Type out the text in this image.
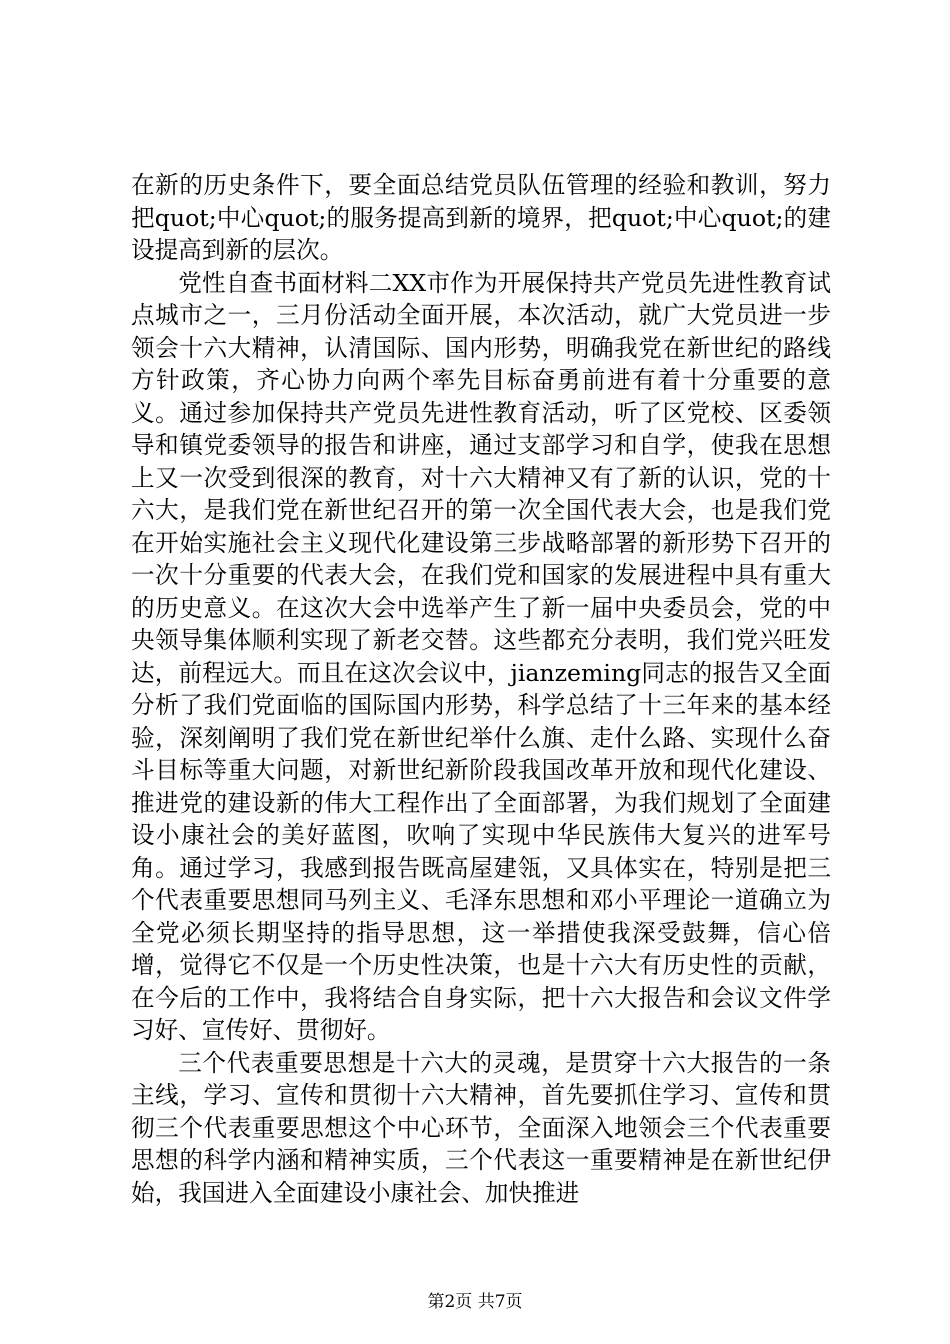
在新的历史条件下，要全面总结党员队伍管理的经验和教训，努力把quot;中心quot;的服务提高到新的境界，把quot;中心quot;的建设提高到新的层次。

党性自查书面材料二XX市作为开展保持共产党员先进性教育试点城市之一，三月份活动全面开展，本次活动，就广大党员进一步领会十六大精神，认清国际、国内形势，明确我党在新世纪的路线方针政策，齐心协力向两个率先目标奋勇前进有着十分重要的意义。通过参加保持共产党员先进性教育活动，听了区党校、区委领导和镇党委领导的报告和讲座，通过支部学习和自学，使我在思想上又一次受到很深的教育，对十六大精神又有了新的认识，党的十六大，是我们党在新世纪召开的第一次全国代表大会，也是我们党在开始实施社会主义现代化建设第三步战略部署的新形势下召开的一次十分重要的代表大会，在我们党和国家的发展进程中具有重大的历史意义。在这次大会中选举产生了新一届中央委员会，党的中央领导集体顺利实现了新老交替。这些都充分表明，我们党兴旺发达，前程远大。而且在这次会议中，jianzeming同志的报告又全面分析了我们党面临的国际国内形势，科学总结了十三年来的基本经验，深刻阐明了我们党在新世纪举什么旗、走什么路、实现什么奋斗目标等重大问题，对新世纪新阶段我国改革开放和现代化建设、推进党的建设新的伟大工程作出了全面部署，为我们规划了全面建设小康社会的美好蓝图，吹响了实现中华民族伟大复兴的进军号角。通过学习，我感到报告既高屋建瓴，又具体实在，特别是把三个代表重要思想同马列主义、毛泽东思想和邓小平理论一道确立为全党必须长期坚持的指导思想，这一举措使我深受鼓舞，信心倍增，觉得它不仅是一个历史性决策，也是十六大有历史性的贡献，在今后的工作中，我将结合自身实际，把十六大报告和会议文件学习好、宣传好、贯彻好。

三个代表重要思想是十六大的灵魂，是贯穿十六大报告的一条主线，学习、宣传和贯彻十六大精神，首先要抓住学习、宣传和贯彻三个代表重要思想这个中心环节，全面深入地领会三个代表重要思想的科学内涵和精神实质，三个代表这一重要精神是在新世纪伊始，我国进入全面建设小康社会、加快推进

第2页 共7页
